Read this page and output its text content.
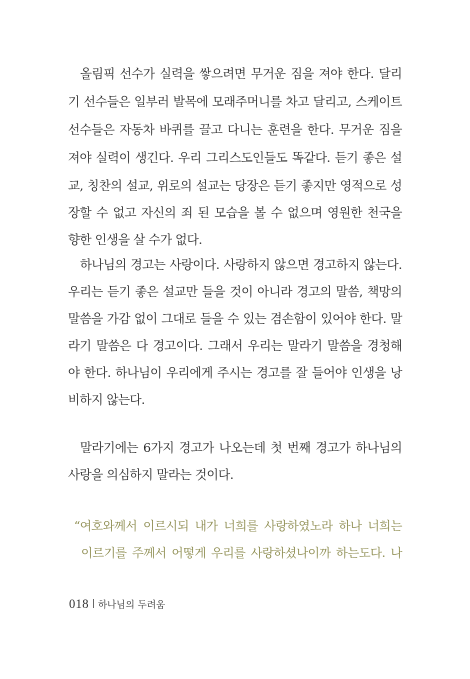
올림픽 선수가 실력을 쌓으려면 무거운 짐을 져야 한다. 달리
기 선수들은 일부러 발목에 모래주머니를 차고 달리고, 스케이트
선수들은 자동차 바퀴를 끌고 다니는 훈련을 한다. 무거운 짐을
져야 실력이 생긴다. 우리 그리스도인들도 똑같다. 듣기 좋은 설
교, 칭찬의 설교, 위로의 설교는 당장은 듣기 좋지만 영적으로 성
장할 수 없고 자신의 죄 된 모습을 볼 수 없으며 영원한 천국을
향한 인생을 살 수가 없다.
하나님의 경고는 사랑이다. 사랑하지 않으면 경고하지 않는다.
우리는 듣기 좋은 설교만 들을 것이 아니라 경고의 말씀, 책망의
말씀을 가감 없이 그대로 들을 수 있는 겸손함이 있어야 한다. 말
라기 말씀은 다 경고이다. 그래서 우리는 말라기 말씀을 경청해
야 한다. 하나님이 우리에게 주시는 경고를 잘 들어야 인생을 낭
비하지 않는다.
말라기에는 6가지 경고가 나오는데 첫 번째 경고가 하나님의
사랑을 의심하지 말라는 것이다.
“여호와께서 이르시되 내가 너희를 사랑하였노라 하나 너희는
이르기를 주께서 어떻게 우리를 사랑하셨나이까 하는도다. 나
018 하나님의 두려움
